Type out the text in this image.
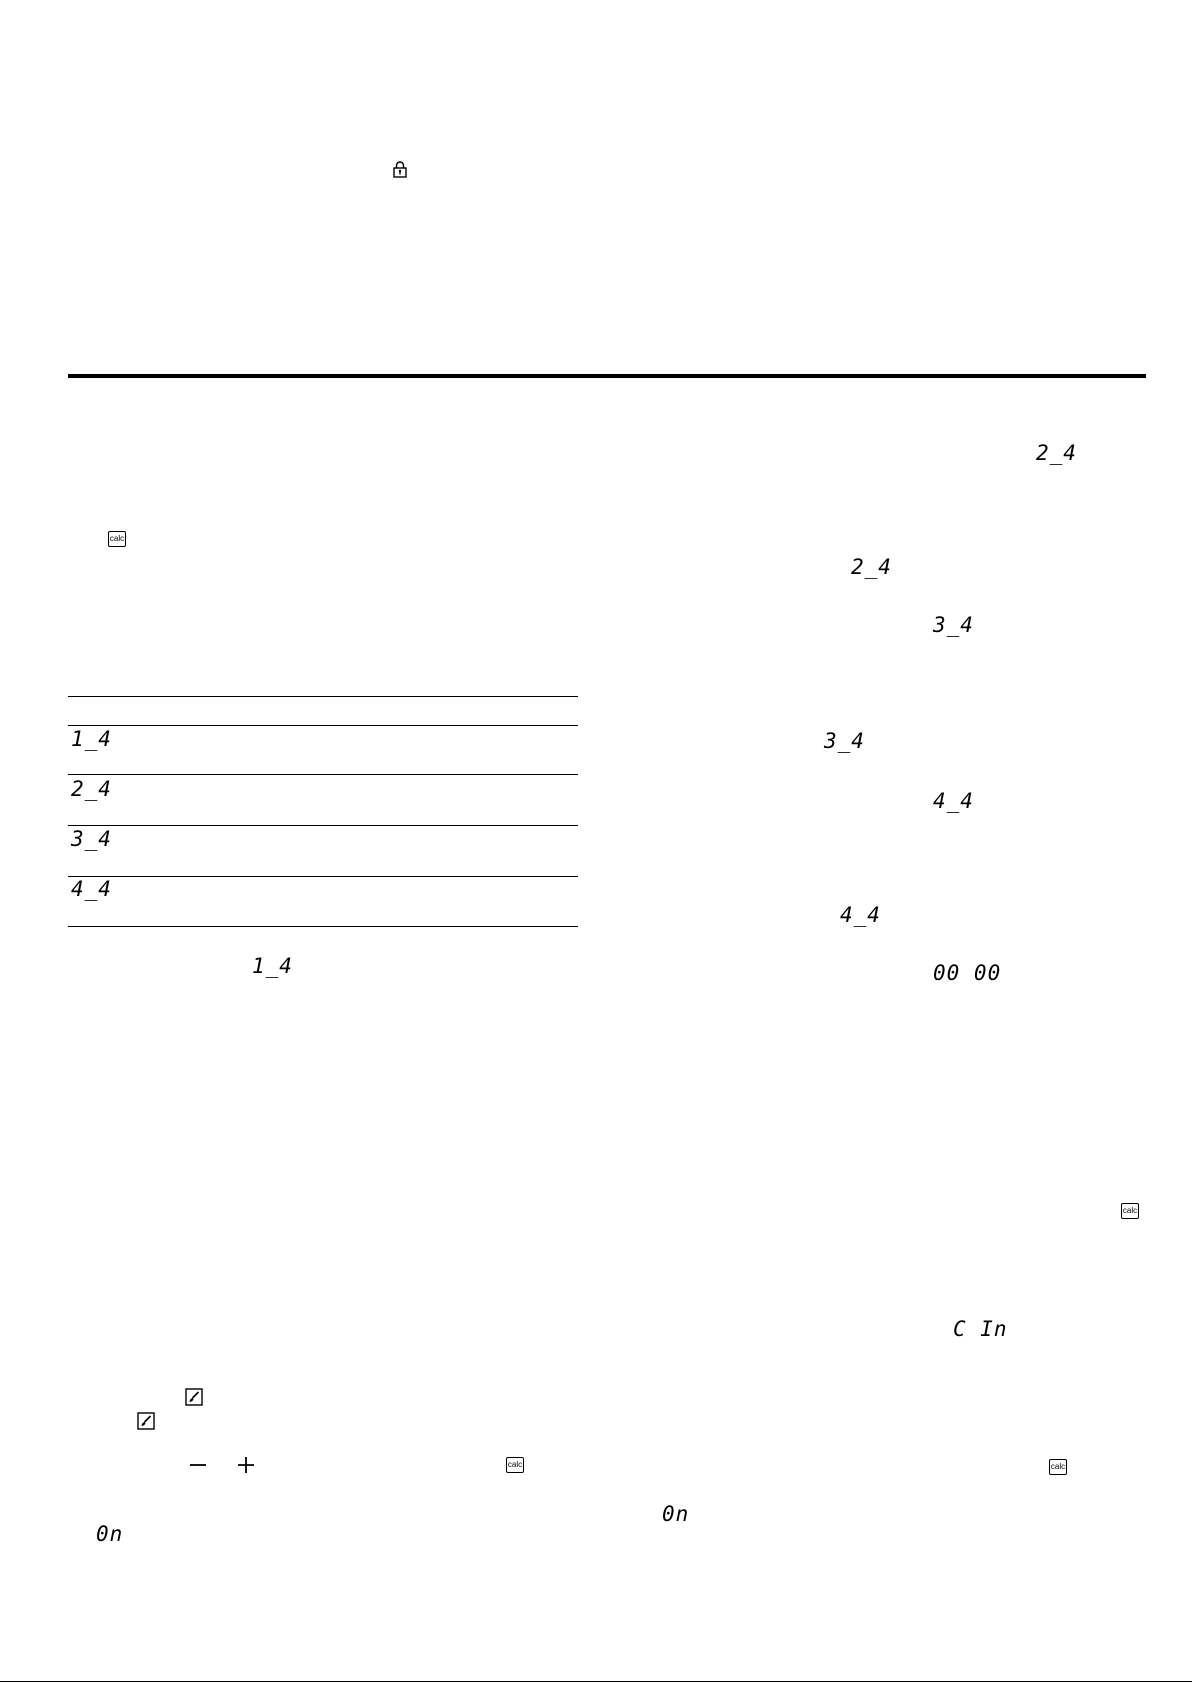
calc
1_4
2_4
3_4
4_4
1_4
calc
0n
2_4
2_4
3_4
3_4
4_4
4_4
00 00
calc
C In
calc
0n
